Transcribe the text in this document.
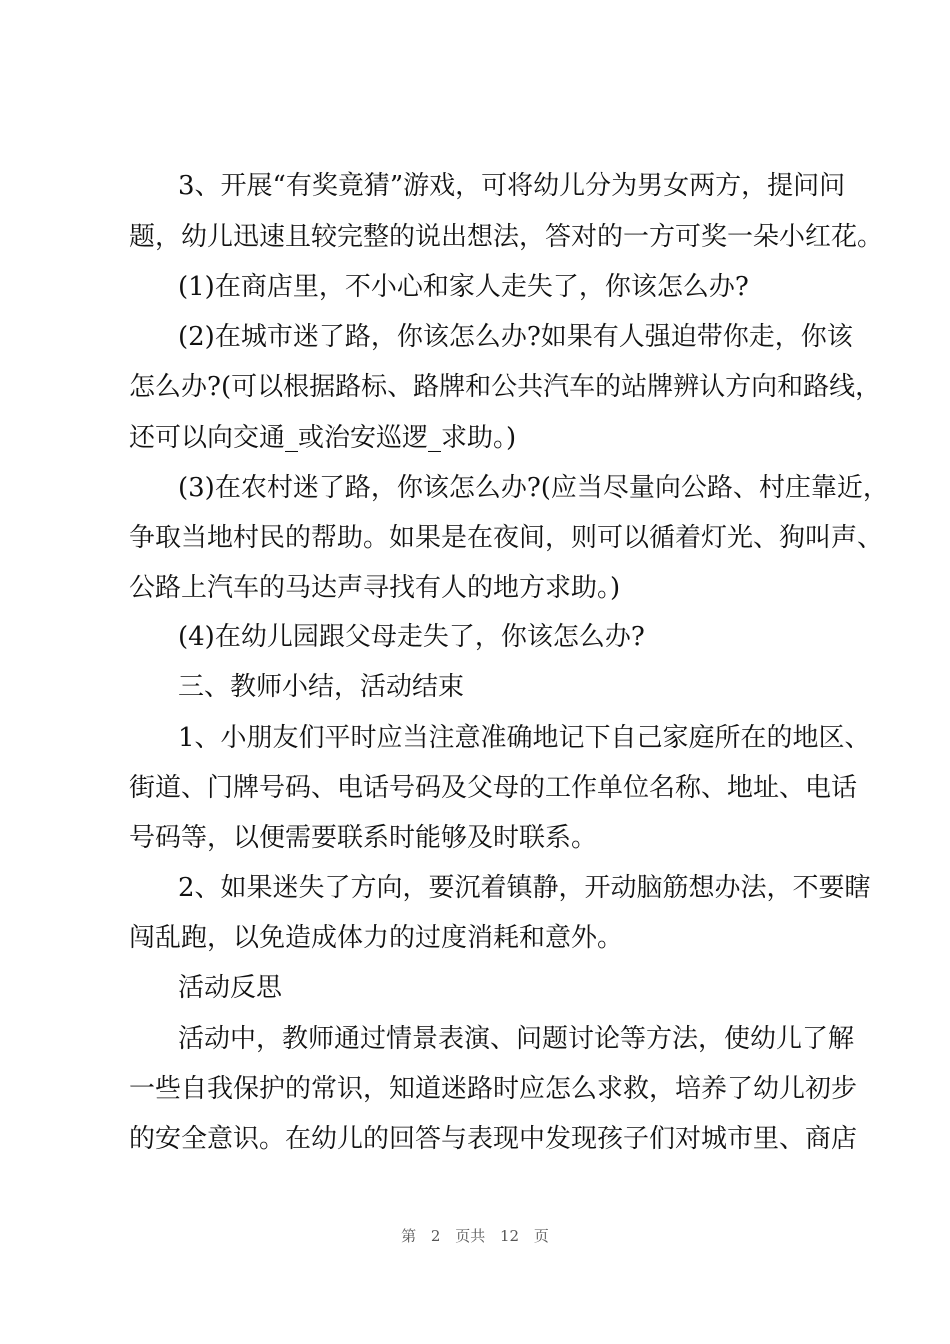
3、开展“有奖竟猜”游戏，可将幼儿分为男女两方，提问问
题，幼儿迅速且较完整的说出想法，答对的一方可奖一朵小红花。
(1)在商店里，不小心和家人走失了，你该怎么办?
(2)在城市迷了路，你该怎么办?如果有人强迫带你走，你该
怎么办?(可以根据路标、路牌和公共汽车的站牌辨认方向和路线，
还可以向交通_或治安巡逻_求助。)
(3)在农村迷了路，你该怎么办?(应当尽量向公路、村庄靠近，
争取当地村民的帮助。如果是在夜间，则可以循着灯光、狗叫声、
公路上汽车的马达声寻找有人的地方求助。)
(4)在幼儿园跟父母走失了，你该怎么办?
三、教师小结，活动结束
1、小朋友们平时应当注意准确地记下自己家庭所在的地区、
街道、门牌号码、电话号码及父母的工作单位名称、地址、电话
号码等，以便需要联系时能够及时联系。
2、如果迷失了方向，要沉着镇静，开动脑筋想办法，不要瞎
闯乱跑，以免造成体力的过度消耗和意外。
活动反思
活动中，教师通过情景表演、问题讨论等方法，使幼儿了解
一些自我保护的常识，知道迷路时应怎么求救，培养了幼儿初步
的安全意识。在幼儿的回答与表现中发现孩子们对城市里、商店
第 2 页共 12 页
